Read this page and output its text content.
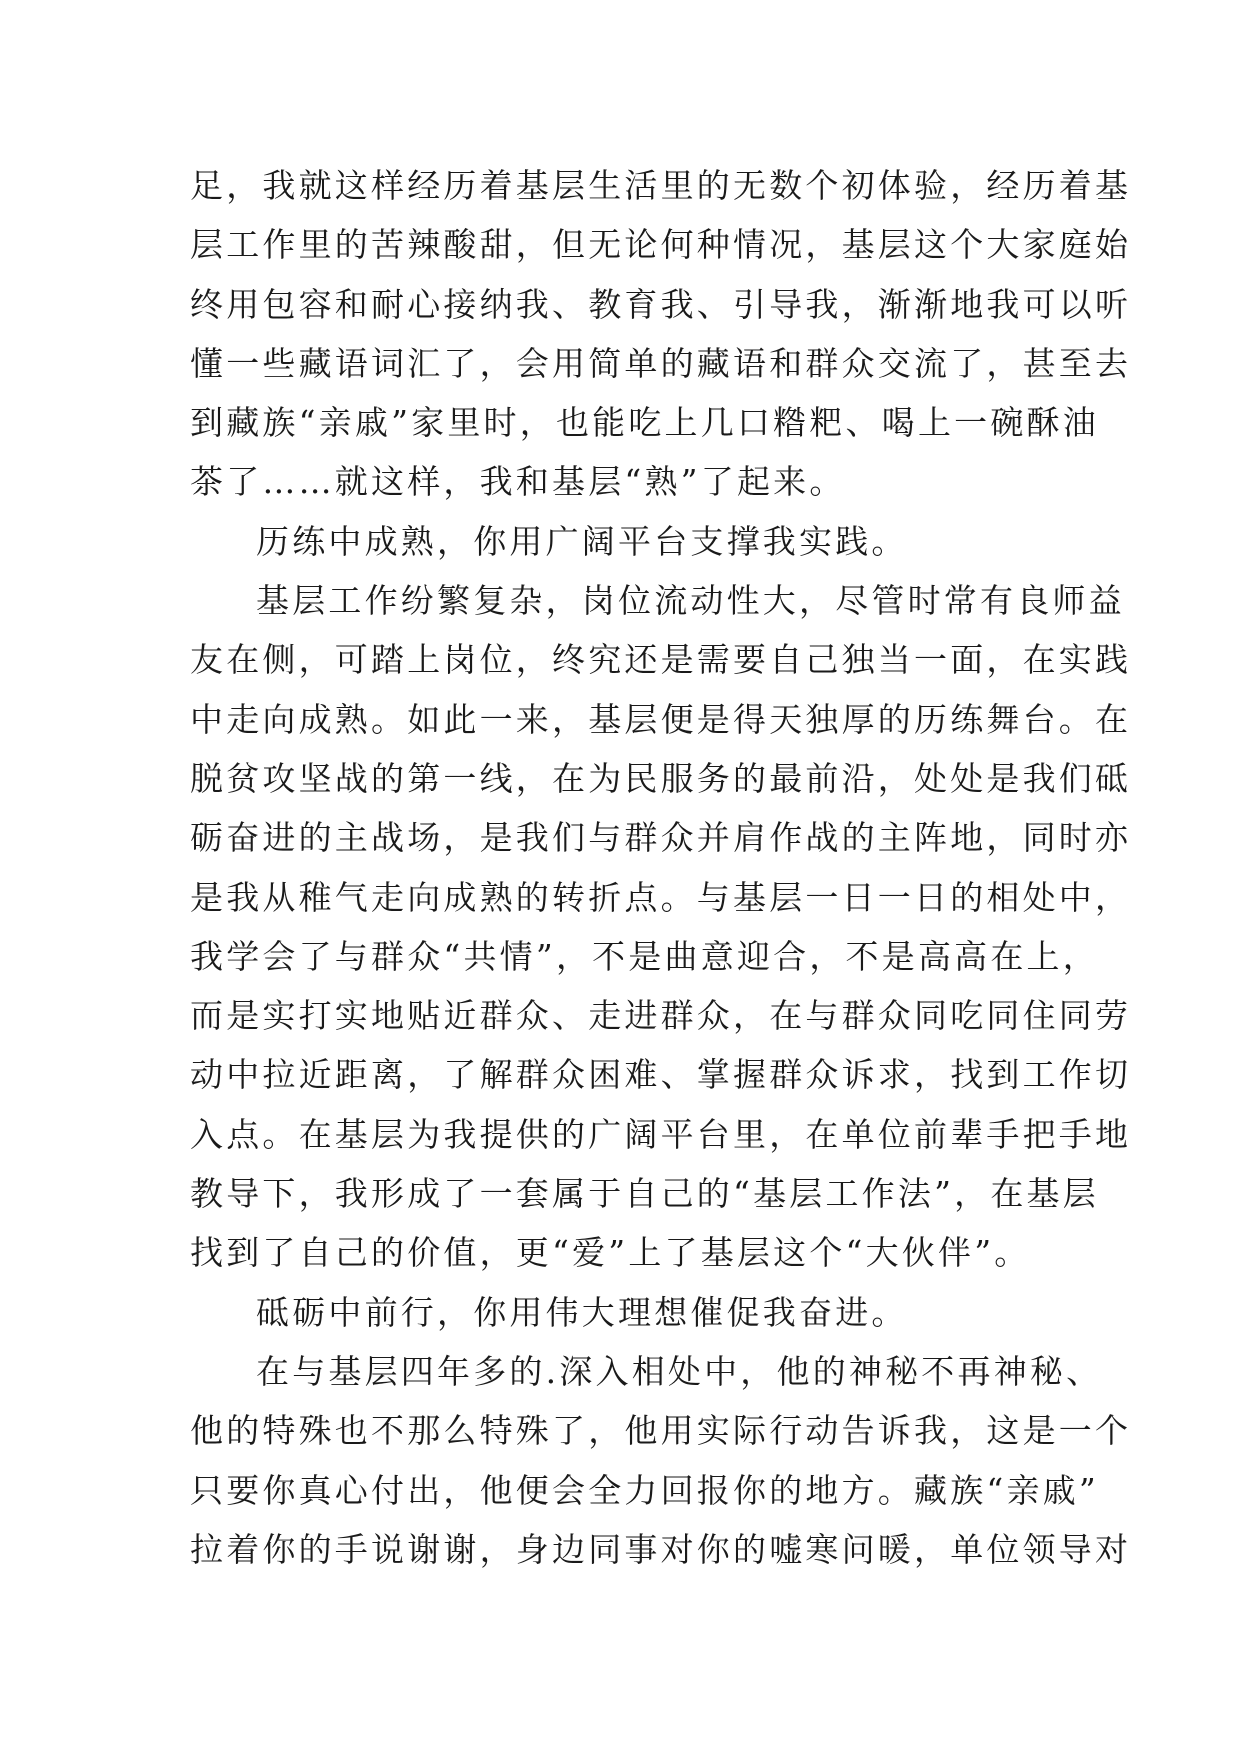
足，我就这样经历着基层生活里的无数个初体验，经历着基
层工作里的苦辣酸甜，但无论何种情况，基层这个大家庭始
终用包容和耐心接纳我、教育我、引导我，渐渐地我可以听
懂一些藏语词汇了，会用简单的藏语和群众交流了，甚至去
到藏族“亲戚”家里时，也能吃上几口糌粑、喝上一碗酥油
茶了……就这样，我和基层“熟”了起来。
历练中成熟，你用广阔平台支撑我实践。
基层工作纷繁复杂，岗位流动性大，尽管时常有良师益
友在侧，可踏上岗位，终究还是需要自己独当一面，在实践
中走向成熟。如此一来，基层便是得天独厚的历练舞台。在
脱贫攻坚战的第一线，在为民服务的最前沿，处处是我们砥
砺奋进的主战场，是我们与群众并肩作战的主阵地，同时亦
是我从稚气走向成熟的转折点。与基层一日一日的相处中，
我学会了与群众“共情”，不是曲意迎合，不是高高在上，
而是实打实地贴近群众、走进群众，在与群众同吃同住同劳
动中拉近距离，了解群众困难、掌握群众诉求，找到工作切
入点。在基层为我提供的广阔平台里，在单位前辈手把手地
教导下，我形成了一套属于自己的“基层工作法”，在基层
找到了自己的价值，更“爱”上了基层这个“大伙伴”。
砥砺中前行，你用伟大理想催促我奋进。
在与基层四年多的.深入相处中，他的神秘不再神秘、
他的特殊也不那么特殊了，他用实际行动告诉我，这是一个
只要你真心付出，他便会全力回报你的地方。藏族“亲戚”
拉着你的手说谢谢，身边同事对你的嘘寒问暖，单位领导对
